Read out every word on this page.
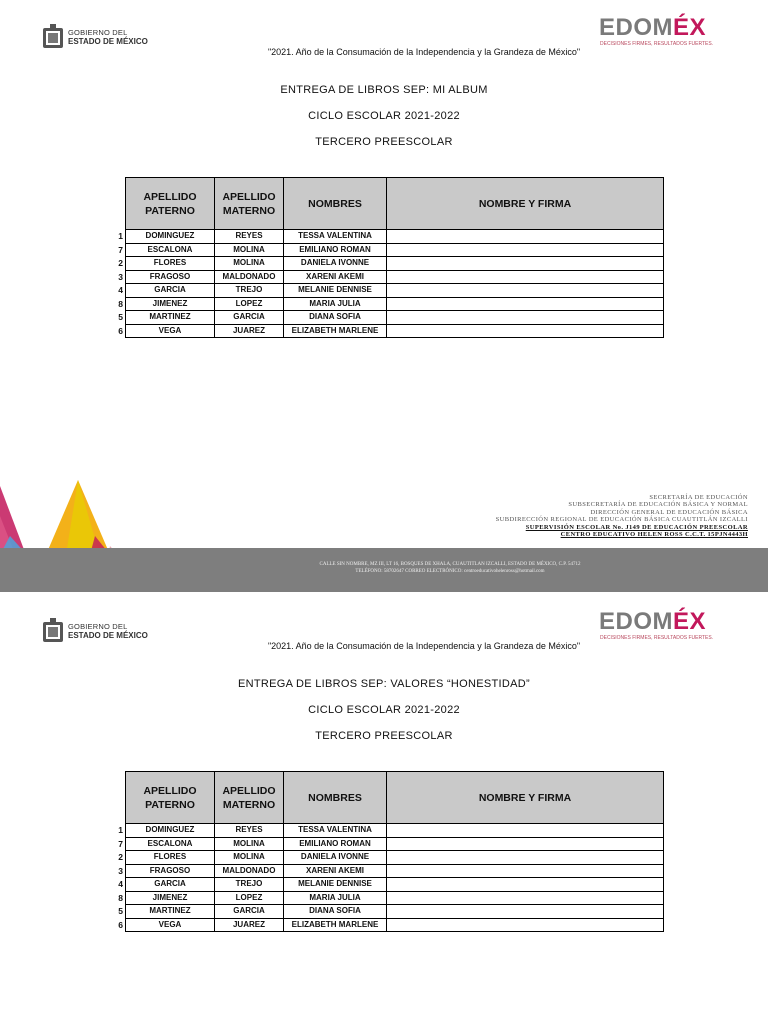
GOBIERNO DEL
ESTADO DE MÉXICO
EDOMÉX
DECISIONES FIRMES, RESULTADOS FUERTES.
"2021. Año de la Consumación de la Independencia y la Grandeza de México"
ENTREGA DE LIBROS SEP: MI ALBUM
CICLO ESCOLAR 2021-2022
TERCERO PREESCOLAR
	APELLIDO PATERNO	APELLIDO MATERNO	NOMBRES	NOMBRE Y FIRMA
1	DOMINGUEZ	REYES	TESSA VALENTINA	
7	ESCALONA	MOLINA	EMILIANO ROMAN	
2	FLORES	MOLINA	DANIELA IVONNE	
3	FRAGOSO	MALDONADO	XARENI AKEMI	
4	GARCIA	TREJO	MELANIE DENNISE	
8	JIMENEZ	LOPEZ	MARIA JULIA	
5	MARTINEZ	GARCIA	DIANA SOFIA	
6	VEGA	JUAREZ	ELIZABETH MARLENE	
SECRETARÍA DE EDUCACIÓN
SUBSECRETARÍA DE EDUCACIÓN BÁSICA Y NORMAL
DIRECCIÓN GENERAL DE EDUCACIÓN BÁSICA
SUBDIRECCIÓN REGIONAL DE EDUCACIÓN BÁSICA CUAUTITLÁN IZCALLI
SUPERVISIÓN ESCOLAR No. J149 DE EDUCACIÓN PREESCOLAR
CENTRO EDUCATIVO HELEN ROSS C.C.T. 15PJN4443H
CALLE SIN NOMBRE, MZ III, LT 16, BOSQUES DE XHALA, CUAUTITLAN IZCALLI, ESTADO DE MÉXICO, C.P. 54712
TELÉFONO: 58702647 CORREO ELECTRÓNICO: centroeducativohelenross@hotmail.com
GOBIERNO DEL
ESTADO DE MÉXICO
EDOMÉX
DECISIONES FIRMES, RESULTADOS FUERTES.
"2021. Año de la Consumación de la Independencia y la Grandeza de México"
ENTREGA DE LIBROS SEP: VALORES “HONESTIDAD”
CICLO ESCOLAR 2021-2022
TERCERO PREESCOLAR
	APELLIDO PATERNO	APELLIDO MATERNO	NOMBRES	NOMBRE Y FIRMA
1	DOMINGUEZ	REYES	TESSA VALENTINA	
7	ESCALONA	MOLINA	EMILIANO ROMAN	
2	FLORES	MOLINA	DANIELA IVONNE	
3	FRAGOSO	MALDONADO	XARENI AKEMI	
4	GARCIA	TREJO	MELANIE DENNISE	
8	JIMENEZ	LOPEZ	MARIA JULIA	
5	MARTINEZ	GARCIA	DIANA SOFIA	
6	VEGA	JUAREZ	ELIZABETH MARLENE	
